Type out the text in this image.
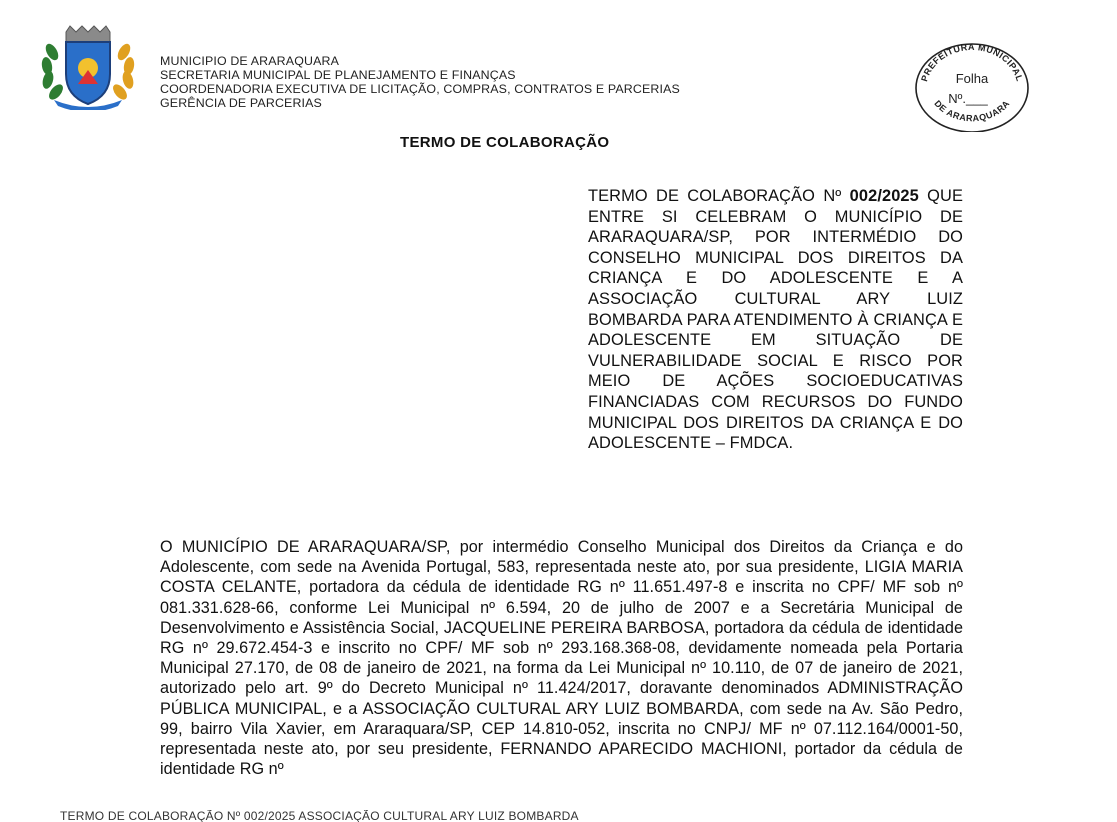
MUNICIPIO DE ARARAQUARA
SECRETARIA MUNICIPAL DE PLANEJAMENTO E FINANÇAS
COORDENADORIA EXECUTIVA DE LICITAÇÃO, COMPRAS, CONTRATOS E PARCERIAS
GERÊNCIA DE PARCERIAS
PREFEITURA MUNICIPAL
DE ARARAQUARA
Folha
Nº.___
TERMO DE COLABORAÇÃO
TERMO DE COLABORAÇÃO Nº 002/2025 QUE ENTRE SI CELEBRAM O MUNICÍPIO DE ARARAQUARA/SP, POR INTERMÉDIO DO CONSELHO MUNICIPAL DOS DIREITOS DA CRIANÇA E DO ADOLESCENTE E A ASSOCIAÇÃO CULTURAL ARY LUIZ BOMBARDA PARA ATENDIMENTO À CRIANÇA E ADOLESCENTE EM SITUAÇÃO DE VULNERABILIDADE SOCIAL E RISCO POR MEIO DE AÇÕES SOCIOEDUCATIVAS FINANCIADAS COM RECURSOS DO FUNDO MUNICIPAL DOS DIREITOS DA CRIANÇA E DO ADOLESCENTE – FMDCA.
O MUNICÍPIO DE ARARAQUARA/SP, por intermédio Conselho Municipal dos Direitos da Criança e do Adolescente, com sede na Avenida Portugal, 583, representada neste ato, por sua presidente, LIGIA MARIA COSTA CELANTE, portadora da cédula de identidade RG nº 11.651.497-8 e inscrita no CPF/ MF sob nº 081.331.628-66, conforme Lei Municipal nº 6.594, 20 de julho de 2007 e a Secretária Municipal de Desenvolvimento e Assistência Social, JACQUELINE PEREIRA BARBOSA, portadora da cédula de identidade RG nº 29.672.454-3 e inscrito no CPF/ MF sob nº 293.168.368-08, devidamente nomeada pela Portaria Municipal 27.170, de 08 de janeiro de 2021, na forma da Lei Municipal nº 10.110, de 07 de janeiro de 2021, autorizado pelo art. 9º do Decreto Municipal nº 11.424/2017, doravante denominados ADMINISTRAÇÃO PÚBLICA MUNICIPAL, e a ASSOCIAÇÃO CULTURAL ARY LUIZ BOMBARDA, com sede na Av. São Pedro, 99, bairro Vila Xavier, em Araraquara/SP, CEP 14.810-052, inscrita no CNPJ/ MF nº 07.112.164/0001-50, representada neste ato, por seu presidente, FERNANDO APARECIDO MACHIONI, portador da cédula de identidade RG nº
TERMO DE COLABORAÇÃO Nº 002/2025 ASSOCIAÇÃO CULTURAL ARY LUIZ BOMBARDA
